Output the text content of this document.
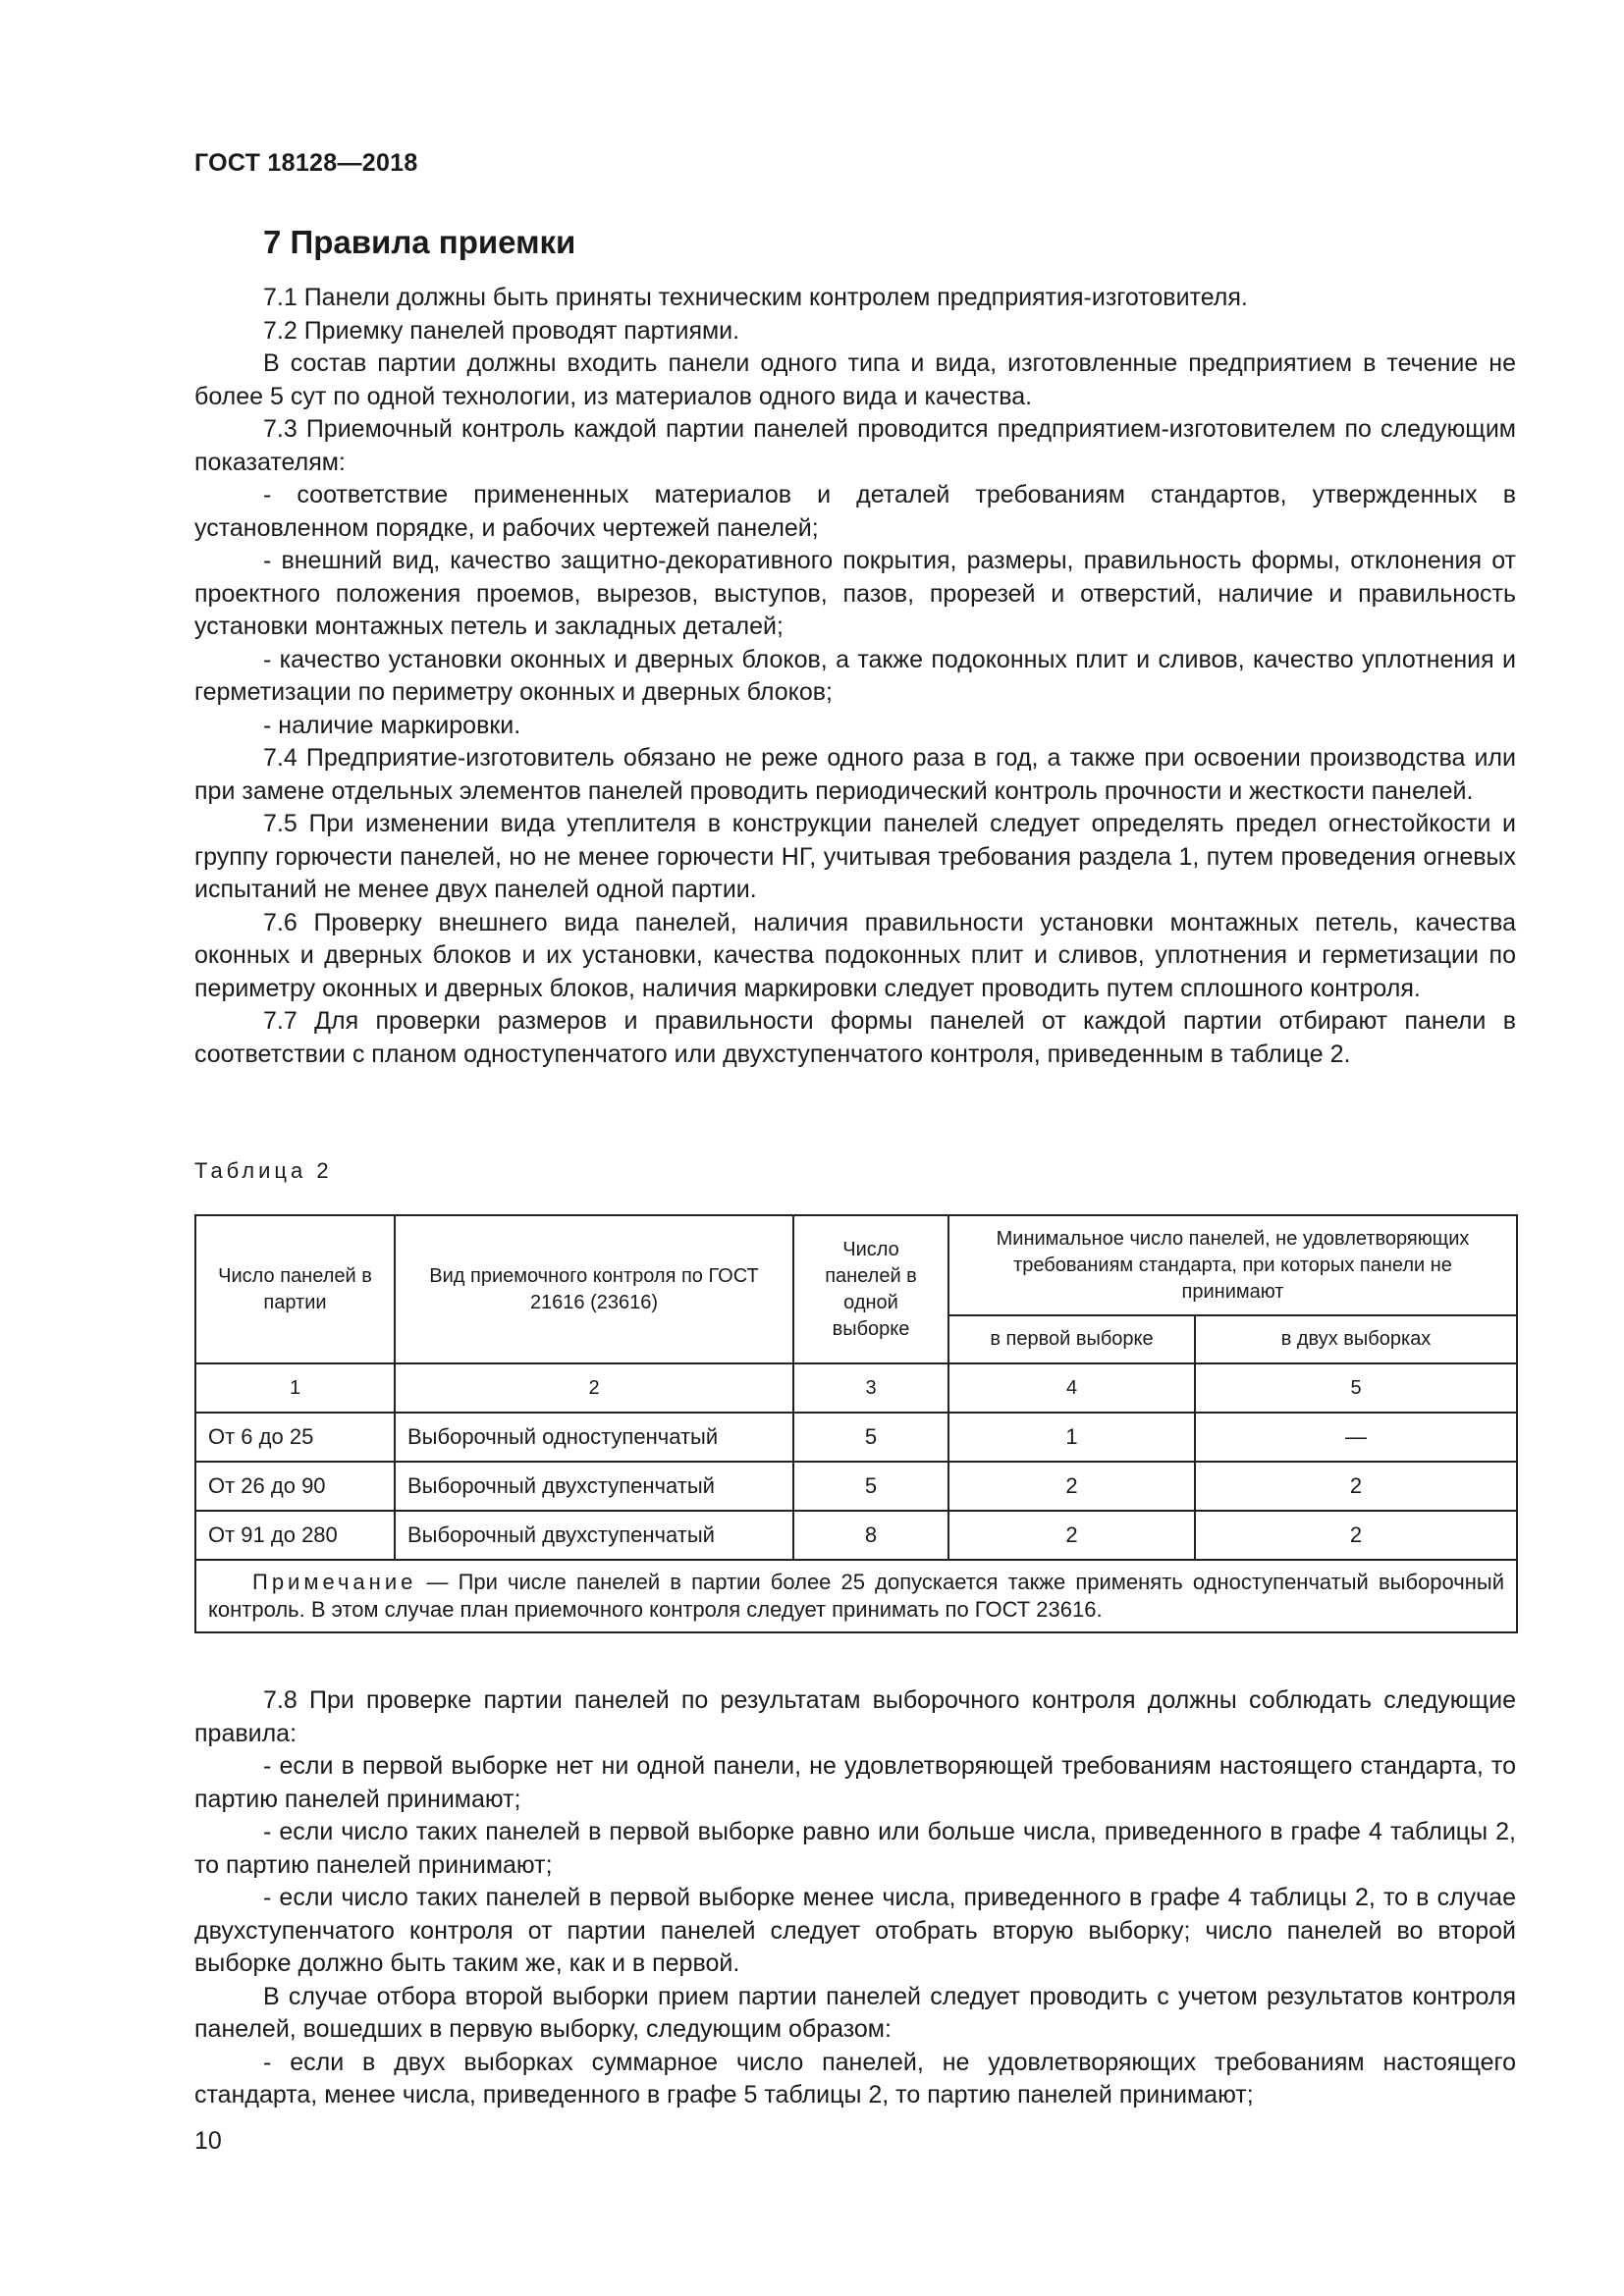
ГОСТ 18128—2018
7 Правила приемки

7.1 Панели должны быть приняты техническим контролем предприятия-изготовителя.

7.2 Приемку панелей проводят партиями.

В состав партии должны входить панели одного типа и вида, изготовленные предприятием в течение не более 5 сут по одной технологии, из материалов одного вида и качества.

7.3 Приемочный контроль каждой партии панелей проводится предприятием-изготовителем по следующим показателям:

- соответствие примененных материалов и деталей требованиям стандартов, утвержденных в установленном порядке, и рабочих чертежей панелей;

- внешний вид, качество защитно-декоративного покрытия, размеры, правильность формы, отклонения от проектного положения проемов, вырезов, выступов, пазов, прорезей и отверстий, наличие и правильность установки монтажных петель и закладных деталей;

- качество установки оконных и дверных блоков, а также подоконных плит и сливов, качество уплотнения и герметизации по периметру оконных и дверных блоков;

- наличие маркировки.

7.4 Предприятие-изготовитель обязано не реже одного раза в год, а также при освоении производства или при замене отдельных элементов панелей проводить периодический контроль прочности и жесткости панелей.

7.5 При изменении вида утеплителя в конструкции панелей следует определять предел огнестойкости и группу горючести панелей, но не менее горючести НГ, учитывая требования раздела 1, путем проведения огневых испытаний не менее двух панелей одной партии.

7.6 Проверку внешнего вида панелей, наличия правильности установки монтажных петель, качества оконных и дверных блоков и их установки, качества подоконных плит и сливов, уплотнения и герметизации по периметру оконных и дверных блоков, наличия маркировки следует проводить путем сплошного контроля.

7.7 Для проверки размеров и правильности формы панелей от каждой партии отбирают панели в соответствии с планом одноступенчатого или двухступенчатого контроля, приведенным в таблице 2.

Таблица 2
Число панелей в партии	Вид приемочного контроля по ГОСТ 21616 (23616)	Число панелей в одной выборке	Минимальное число панелей, не удовлетворяющих требованиям стандарта, при которых панели не принимают	
			в первой выборке	в двух выборках
1	2	3	4	5
От 6 до 25	Выборочный одноступенчатый	5	1	—
От 26 до 90	Выборочный двухступенчатый	5	2	2
От 91 до 280	Выборочный двухступенчатый	8	2	2
Примечание — При числе панелей в партии более 25 допускается также применять одноступенчатый выборочный контроль. В этом случае план приемочного контроля следует принимать по ГОСТ 23616.				

7.8 При проверке партии панелей по результатам выборочного контроля должны соблюдать следующие правила:

- если в первой выборке нет ни одной панели, не удовлетворяющей требованиям настоящего стандарта, то партию панелей принимают;

- если число таких панелей в первой выборке равно или больше числа, приведенного в графе 4 таблицы 2, то партию панелей принимают;

- если число таких панелей в первой выборке менее числа, приведенного в графе 4 таблицы 2, то в случае двухступенчатого контроля от партии панелей следует отобрать вторую выборку; число панелей во второй выборке должно быть таким же, как и в первой.

В случае отбора второй выборки прием партии панелей следует проводить с учетом результатов контроля панелей, вошедших в первую выборку, следующим образом:

- если в двух выборках суммарное число панелей, не удовлетворяющих требованиям настоящего стандарта, менее числа, приведенного в графе 5 таблицы 2, то партию панелей принимают;

10
